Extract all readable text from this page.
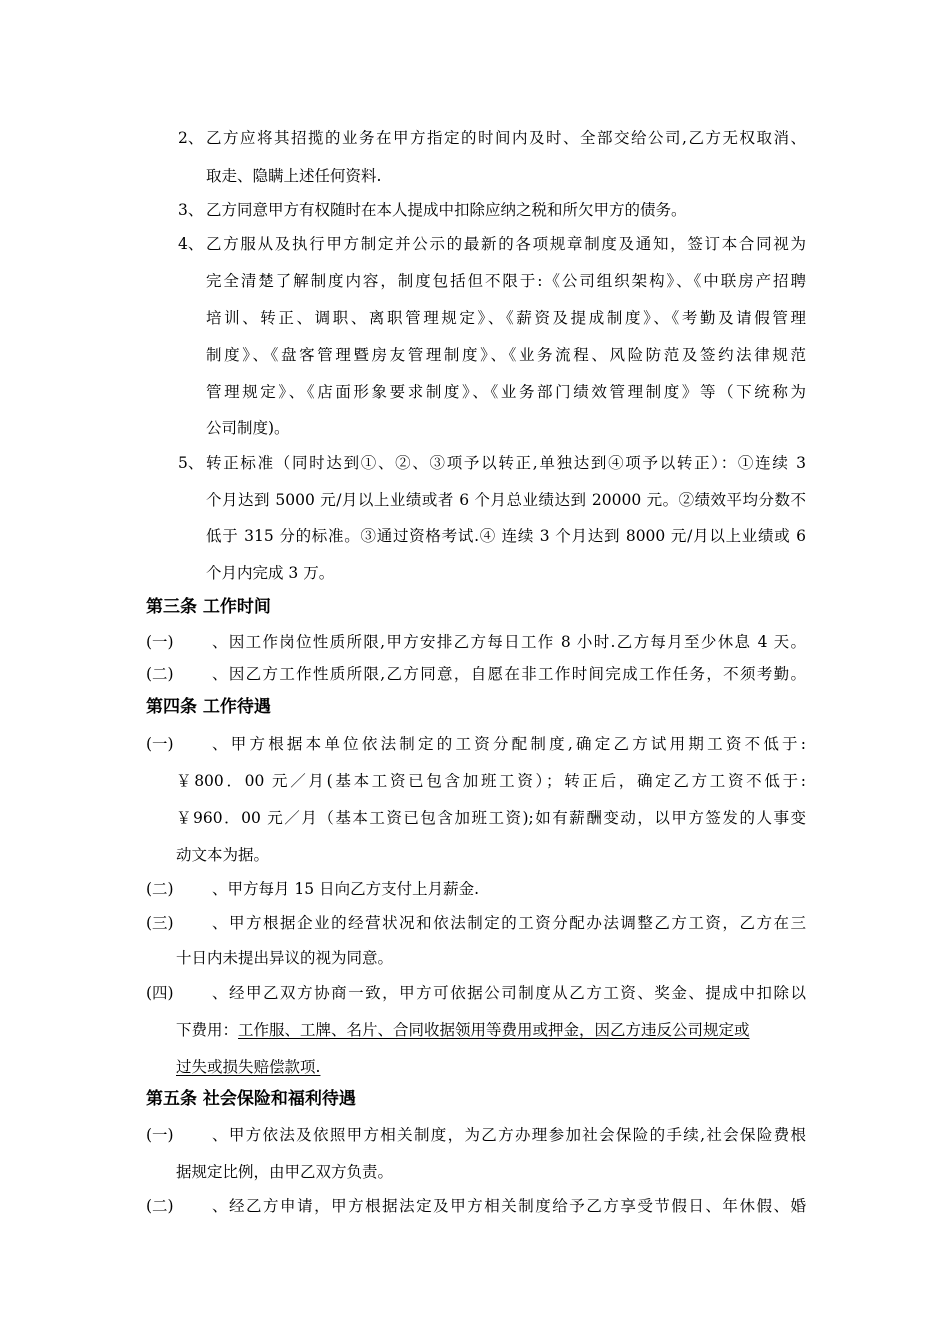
2、 乙方应将其招揽的业务在甲方指定的时间内及时、全部交给公司,乙方无权取消、
取走、隐瞒上述任何资料.
3、 乙方同意甲方有权随时在本人提成中扣除应纳之税和所欠甲方的债务。
4、 乙方服从及执行甲方制定并公示的最新的各项规章制度及通知，签订本合同视为
完全清楚了解制度内容，制度包括但不限于:《公司组织架构》、《中联房产招聘
培训、转正、调职、离职管理规定》、《薪资及提成制度》、《考勤及请假管理
制度》、《盘客管理暨房友管理制度》、《业务流程、风险防范及签约法律规范
管理规定》、《店面形象要求制度》、《业务部门绩效管理制度》等（下统称为
公司制度)。
5、 转正标准（同时达到①、②、③项予以转正,单独达到④项予以转正）：①连续 3
个月达到 5000 元/月以上业绩或者 6 个月总业绩达到 20000 元。②绩效平均分数不
低于 315 分的标准。③通过资格考试.④ 连续 3 个月达到 8000 元/月以上业绩或 6
个月内完成 3 万。
第三条 工作时间
(一) 、因工作岗位性质所限,甲方安排乙方每日工作 8 小时.乙方每月至少休息 4 天。
(二) 、因乙方工作性质所限,乙方同意，自愿在非工作时间完成工作任务，不须考勤。
第四条 工作待遇
(一) 、甲方根据本单位依法制定的工资分配制度,确定乙方试用期工资不低于:
￥800．00 元／月(基本工资已包含加班工资）；转正后，确定乙方工资不低于:
￥960．00 元／月（基本工资已包含加班工资);如有薪酬变动，以甲方签发的人事变
动文本为据。
(二) 、甲方每月 15 日向乙方支付上月薪金.
(三) 、甲方根据企业的经营状况和依法制定的工资分配办法调整乙方工资，乙方在三
十日内未提出异议的视为同意。
(四) 、经甲乙双方协商一致，甲方可依据公司制度从乙方工资、奖金、提成中扣除以
下费用：工作服、工牌、名片、合同收据领用等费用或押金，因乙方违反公司规定或
过失或损失赔偿款项.
第五条 社会保险和福利待遇
(一) 、甲方依法及依照甲方相关制度，为乙方办理参加社会保险的手续,社会保险费根
据规定比例，由甲乙双方负责。
(二) 、经乙方申请，甲方根据法定及甲方相关制度给予乙方享受节假日、年休假、婚
